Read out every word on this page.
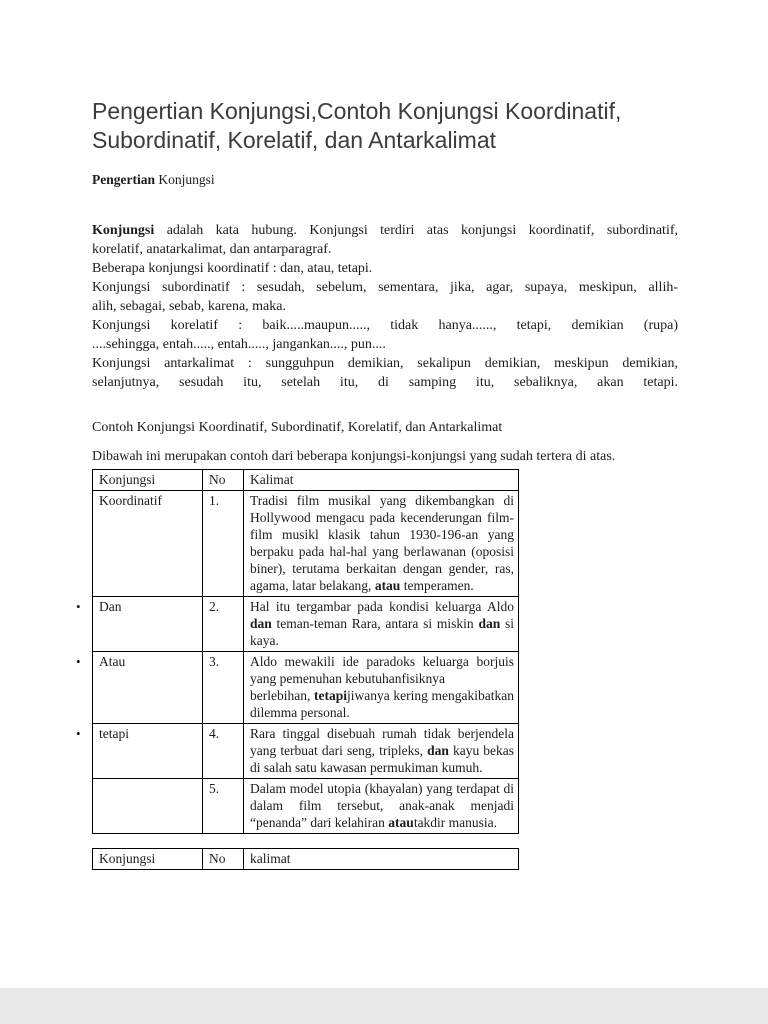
Pengertian Konjungsi,Contoh Konjungsi Koordinatif,
Subordinatif, Korelatif, dan Antarkalimat

Pengertian Konjungsi

Konjungsi adalah kata hubung. Konjungsi terdiri atas konjungsi koordinatif, subordinatif,
korelatif, anatarkalimat, dan antarparagraf.
Beberapa konjungsi koordinatif : dan, atau, tetapi.
Konjungsi subordinatif : sesudah, sebelum, sementara, jika, agar, supaya, meskipun, allih-
alih, sebagai, sebab, karena, maka.
Konjungsi korelatif : baik.....maupun....., tidak hanya......, tetapi, demikian (rupa)
....sehingga, entah....., entah....., jangankan...., pun....
Konjungsi antarkalimat : sungguhpun demikian, sekalipun demikian, meskipun demikian,
selanjutnya, sesudah itu, setelah itu, di samping itu, sebaliknya, akan tetapi.

Contoh Konjungsi Koordinatif, Subordinatif, Korelatif, dan Antarkalimat

Dibawah ini merupakan contoh dari beberapa konjungsi-konjungsi yang sudah tertera di atas.

Konjungsi	No	Kalimat
Koordinatif	1.	Tradisi film musikal yang dikembangkan di Hollywood mengacu pada kecenderungan film-film musikl klasik tahun 1930-196-an yang berpaku pada hal-hal yang berlawanan (oposisi biner), terutama berkaitan dengan gender, ras, agama, latar belakang, atau temperamen.

• Dan	2.	Hal itu tergambar pada kondisi keluarga Aldo dan teman-teman Rara, antara si miskin dan si kaya.

• Atau	3.	Aldo mewakili ide paradoks keluarga borjuis yang pemenuhan kebutuhanfisiknya
berlebihan, tetapijiwanya kering mengakibatkan dilemma personal.

• tetapi	4.	Rara tinggal disebuah rumah tidak berjendela yang terbuat dari seng, tripleks, dan kayu bekas di salah satu kawasan permukiman kumuh.
	5.	Dalam model utopia (khayalan) yang terdapat di dalam film tersebut, anak-anak menjadi “penanda” dari kelahiran atautakdir manusia.
Konjungsi	No	kalimat
